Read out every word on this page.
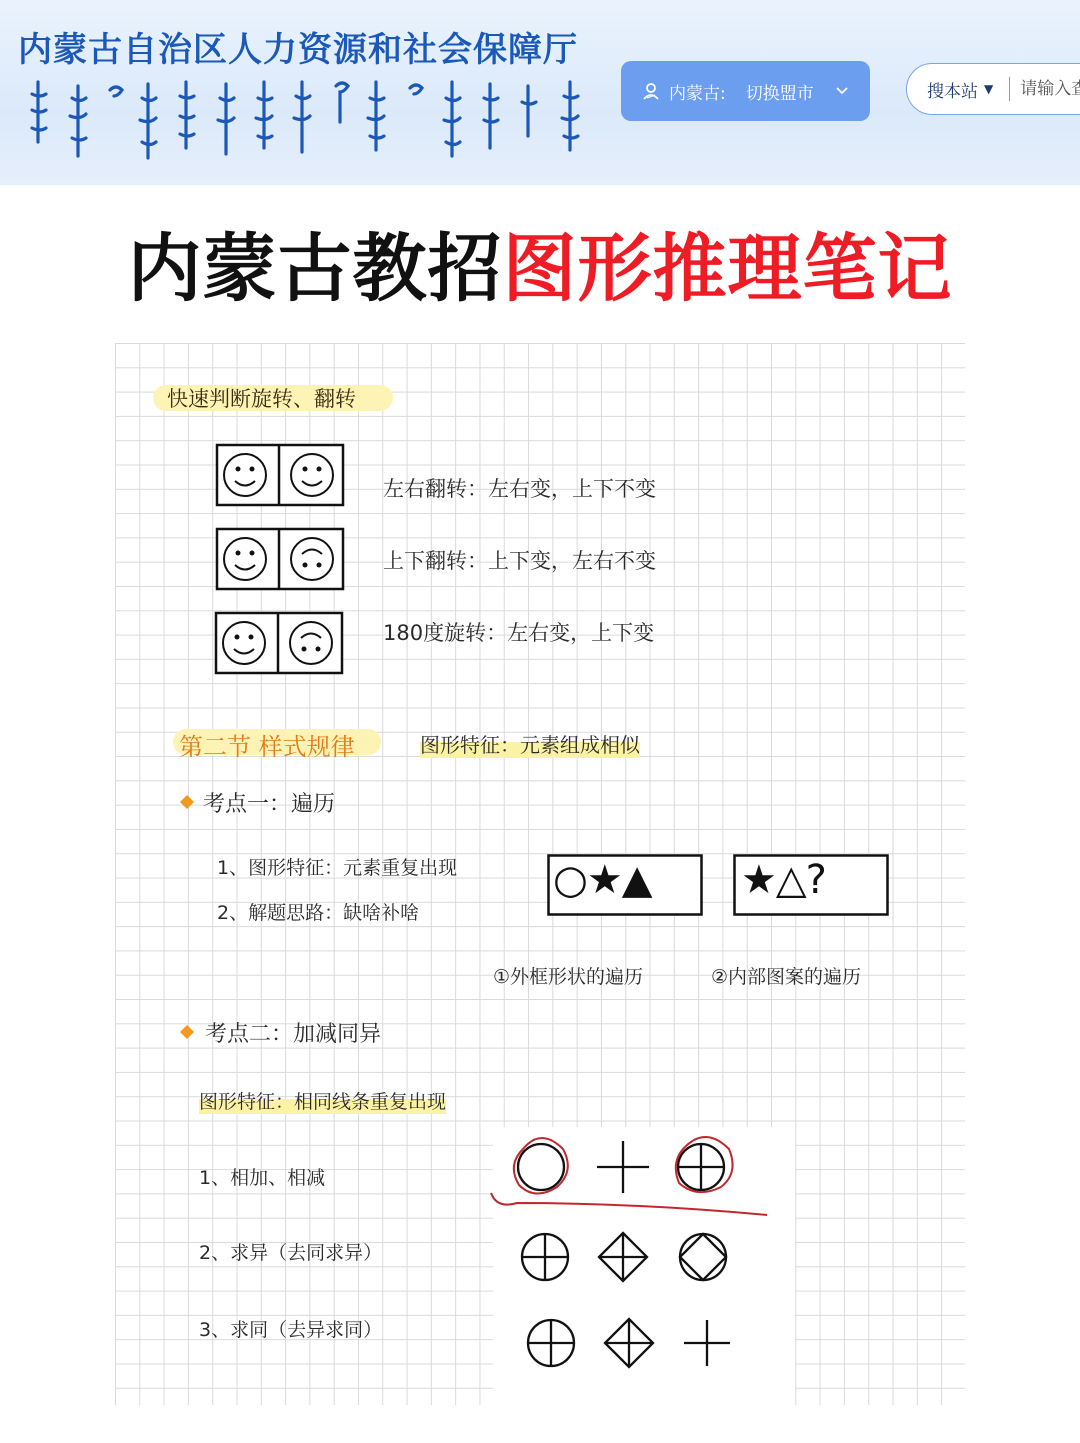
内蒙古自治区人力资源和社会保障厅
内蒙古: 切换盟市	搜本站 ▼
请输入查
内蒙古教招图形推理笔记
快速判断旋转、翻转
左右翻转：左右变，上下不变
上下翻转：上下变，左右不变
180度旋转：左右变，上下变
第二节 样式规律	图形特征：元素组成相似
考点一：遍历
1、图形特征：元素重复出现
2、解题思路：缺啥补啥
○★▲ ★△?
①外框形状的遍历	②内部图案的遍历
考点二：加减同异
图形特征：相同线条重复出现
1、相加、相减
2、求异（去同求异）
3、求同（去异求同）
